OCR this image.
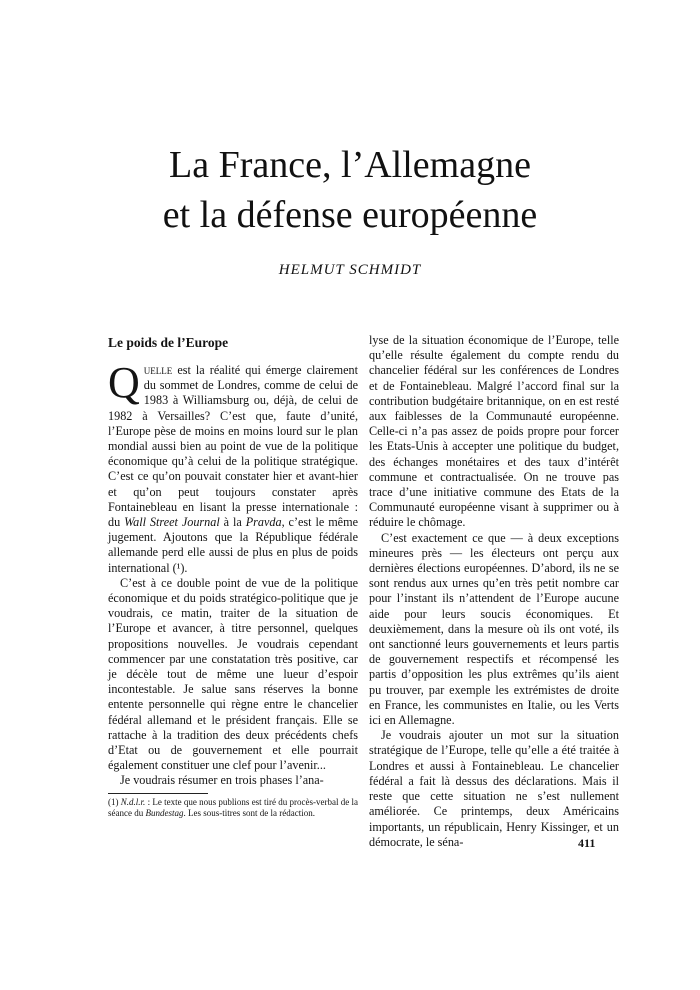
La France, l’Allemagne
et la défense européenne
HELMUT SCHMIDT
Le poids de l’Europe

Quelle est la réalité qui émerge clairement du sommet de Londres, comme de celui de 1983 à Williamsburg ou, déjà, de celui de 1982 à Versailles? C’est que, faute d’unité, l’Europe pèse de moins en moins lourd sur le plan mondial aussi bien au point de vue de la politique économique qu’à celui de la politique stratégique. C’est ce qu’on pouvait constater hier et avant-hier et qu’on peut toujours constater après Fontainebleau en lisant la presse internationale : du Wall Street Journal à la Pravda, c’est le même jugement. Ajoutons que la République fédérale allemande perd elle aussi de plus en plus de poids international (¹).

C’est à ce double point de vue de la politique économique et du poids stratégico-politique que je voudrais, ce matin, traiter de la situation de l’Europe et avancer, à titre personnel, quelques propositions nouvelles. Je voudrais cependant commencer par une constatation très positive, car je décèle tout de même une lueur d’espoir incontestable. Je salue sans réserves la bonne entente personnelle qui règne entre le chancelier fédéral allemand et le président français. Elle se rattache à la tradition des deux précédents chefs d’Etat ou de gouvernement et elle pourrait également constituer une clef pour l’avenir...

Je voudrais résumer en trois phases l’ana-

lyse de la situation économique de l’Europe, telle qu’elle résulte également du compte rendu du chancelier fédéral sur les conférences de Londres et de Fontainebleau. Malgré l’accord final sur la contribution budgétaire britannique, on en est resté aux faiblesses de la Communauté européenne. Celle-ci n’a pas assez de poids propre pour forcer les Etats-Unis à accepter une politique du budget, des échanges monétaires et des taux d’intérêt commune et contractualisée. On ne trouve pas trace d’une initiative commune des Etats de la Communauté européenne visant à supprimer ou à réduire le chômage.

C’est exactement ce que — à deux exceptions mineures près — les électeurs ont perçu aux dernières élections européennes. D’abord, ils ne se sont rendus aux urnes qu’en très petit nombre car pour l’instant ils n’attendent de l’Europe aucune aide pour leurs soucis économiques. Et deuxièmement, dans la mesure où ils ont voté, ils ont sanctionné leurs gouvernements et leurs partis de gouvernement respectifs et récompensé les partis d’opposition les plus extrêmes qu’ils aient pu trouver, par exemple les extrémistes de droite en France, les communistes en Italie, ou les Verts ici en Allemagne.

Je voudrais ajouter un mot sur la situation stratégique de l’Europe, telle qu’elle a été traitée à Londres et aussi à Fontainebleau. Le chancelier fédéral a fait là dessus des déclarations. Mais il reste que cette situation ne s’est nullement améliorée. Ce printemps, deux Américains importants, un républicain, Henry Kissinger, et un démocrate, le séna-

(1) N.d.l.r. : Le texte que nous publions est tiré du procès-verbal de la séance du Bundestag. Les sous-titres sont de la rédaction.
411
